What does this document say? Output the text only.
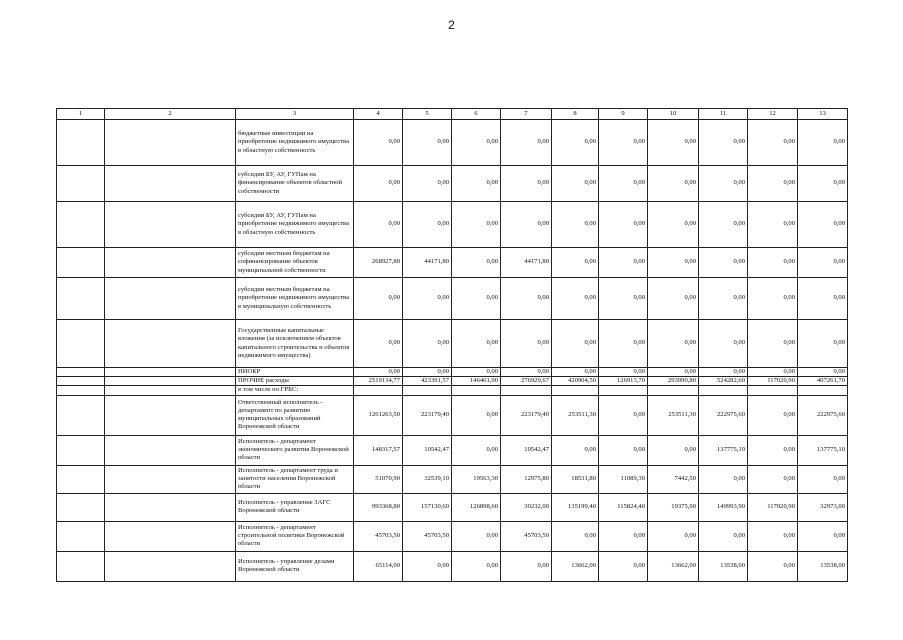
2
1	2	3	4	5	6	7	8	9	10	11	12	13
		бюджетные инвестиции на приобретение недвижимого имущества в областную собственность	0,00	0,00	0,00	0,00	0,00	0,00	0,00	0,00	0,00	0,00
		субсидии БУ, АУ, ГУПам на финансирование объектов областной собственности	0,00	0,00	0,00	0,00	0,00	0,00	0,00	0,00	0,00	0,00
		субсидии БУ, АУ, ГУПам на приобретение недвижимого имущества в областную собственность	0,00	0,00	0,00	0,00	0,00	0,00	0,00	0,00	0,00	0,00
		субсидии местным бюджетам на софинансирование объектов муниципальной собственности	268927,80	44171,80	0,00	44171,80	0,00	0,00	0,00	0,00	0,00	0,00
		субсидии местным бюджетам на приобретение недвижимого имущества в муниципальную собственность	0,00	0,00	0,00	0,00	0,00	0,00	0,00	0,00	0,00	0,00
		Государственные капитальные вложения (за исключением объектов капитального строительства и объектов недвижимого имущества)	0,00	0,00	0,00	0,00	0,00	0,00	0,00	0,00	0,00	0,00
		НИОКР	0,00	0,00	0,00	0,00	0,00	0,00	0,00	0,00	0,00	0,00
		ПРОЧИЕ расходы	2519134,77	423391,57	146461,90	276929,67	420904,50	126913,70	293990,80	524282,60	117020,90	407261,70
		в том числе по ГРБС:										
		Ответственный исполнитель - департамент по развитию муниципальных образований Воронежской области	1261263,50	223179,40	0,00	223179,40	253511,30	0,00	253511,30	222975,60	0,00	222975,60
		Исполнитель - департамент экономического развития Воронежской области	148317,57	10542,47	0,00	10542,47	0,00	0,00	0,00	137775,10	0,00	137775,10
		Исполнитель - департамент труда и занятости населения Воронежской области	51070,90	32539,10	19563,30	12975,80	18531,80	11089,30	7442,50	0,00	0,00	0,00
		Исполнитель - управление ЗАГС Воронежской области	993368,80	157130,60	126898,60	30232,00	135199,40	115824,40	19375,00	149993,90	117020,90	32973,00
		Исполнитель - департамент строительной политики Воронежской области	45703,50	45703,50	0,00	45703,50	0,00	0,00	0,00	0,00	0,00	0,00
		Исполнитель - управление делами Воронежской области	65114,00	0,00	0,00	0,00	13662,00	0,00	13662,00	13538,00	0,00	13538,00
